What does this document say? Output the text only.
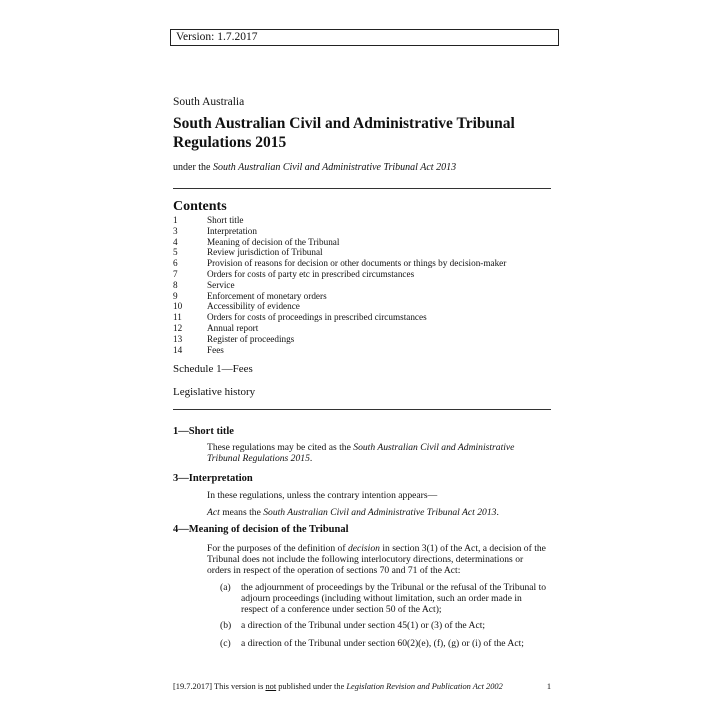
Version: 1.7.2017
South Australia
South Australian Civil and Administrative Tribunal Regulations 2015
under the South Australian Civil and Administrative Tribunal Act 2013
Contents
1	Short title
3	Interpretation
4	Meaning of decision of the Tribunal
5	Review jurisdiction of Tribunal
6	Provision of reasons for decision or other documents or things by decision-maker
7	Orders for costs of party etc in prescribed circumstances
8	Service
9	Enforcement of monetary orders
10	Accessibility of evidence
11	Orders for costs of proceedings in prescribed circumstances
12	Annual report
13	Register of proceedings
14	Fees
Schedule 1—Fees
Legislative history
1—Short title
These regulations may be cited as the South Australian Civil and Administrative Tribunal Regulations 2015.
3—Interpretation
In these regulations, unless the contrary intention appears—
Act means the South Australian Civil and Administrative Tribunal Act 2013.
4—Meaning of decision of the Tribunal
For the purposes of the definition of decision in section 3(1) of the Act, a decision of the Tribunal does not include the following interlocutory directions, determinations or orders in respect of the operation of sections 70 and 71 of the Act:
(a) the adjournment of proceedings by the Tribunal or the refusal of the Tribunal to adjourn proceedings (including without limitation, such an order made in respect of a conference under section 50 of the Act);
(b) a direction of the Tribunal under section 45(1) or (3) of the Act;
(c) a direction of the Tribunal under section 60(2)(e), (f), (g) or (i) of the Act;
[19.7.2017] This version is not published under the Legislation Revision and Publication Act 2002	1
